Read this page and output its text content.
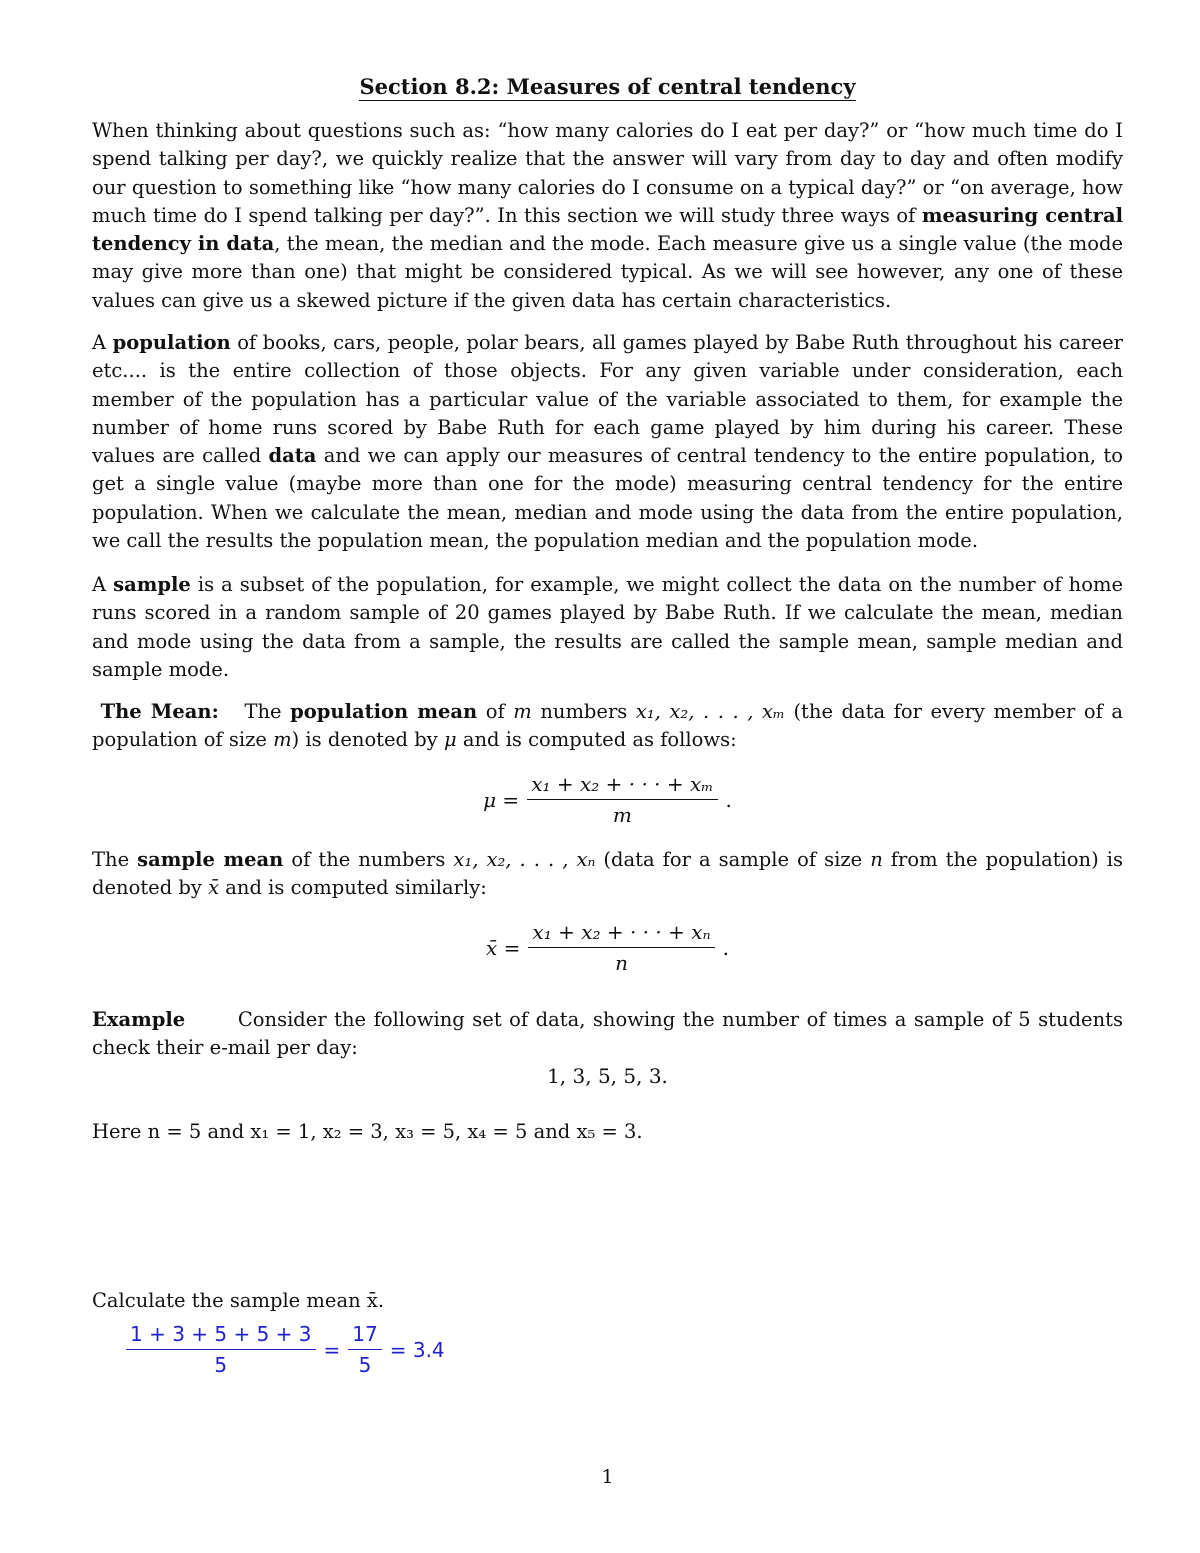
Section 8.2: Measures of central tendency
When thinking about questions such as: “how many calories do I eat per day?” or “how much time do I spend talking per day?, we quickly realize that the answer will vary from day to day and often modify our question to something like “how many calories do I consume on a typical day?” or “on average, how much time do I spend talking per day?”. In this section we will study three ways of measuring central tendency in data, the mean, the median and the mode. Each measure give us a single value (the mode may give more than one) that might be considered typical. As we will see however, any one of these values can give us a skewed picture if the given data has certain characteristics.
A population of books, cars, people, polar bears, all games played by Babe Ruth throughout his career etc.... is the entire collection of those objects. For any given variable under consideration, each member of the population has a particular value of the variable associated to them, for example the number of home runs scored by Babe Ruth for each game played by him during his career. These values are called data and we can apply our measures of central tendency to the entire population, to get a single value (maybe more than one for the mode) measuring central tendency for the entire population. When we calculate the mean, median and mode using the data from the entire population, we call the results the population mean, the population median and the population mode.
A sample is a subset of the population, for example, we might collect the data on the number of home runs scored in a random sample of 20 games played by Babe Ruth. If we calculate the mean, median and mode using the data from a sample, the results are called the sample mean, sample median and sample mode.
The Mean: The population mean of m numbers x₁, x₂, . . . , xₘ (the data for every member of a population of size m) is denoted by μ and is computed as follows:
$\mu = \frac{\text{x₁ + x₂ + · · · + xₘ}}{m}$ .
The sample mean of the numbers x₁, x₂, . . . , xₙ (data for a sample of size n from the population) is denoted by x̄ and is computed similarly:
x̄ = $\frac{\text{x₁ + x₂ + · · · + xₙ}}{n}$ .
Example	Consider the following set of data, showing the number of times a sample of 5 students check their e-mail per day:
1, 3, 5, 5, 3.
Here n = 5 and x₁ = 1, x₂ = 3, x₃ = 5, x₄ = 5 and x₅ = 3.
Calculate the sample mean x̄.
$\frac{1 + 3 + 5 + 5 + 3}{5} = \frac{17}{5} = 3.4$
1
